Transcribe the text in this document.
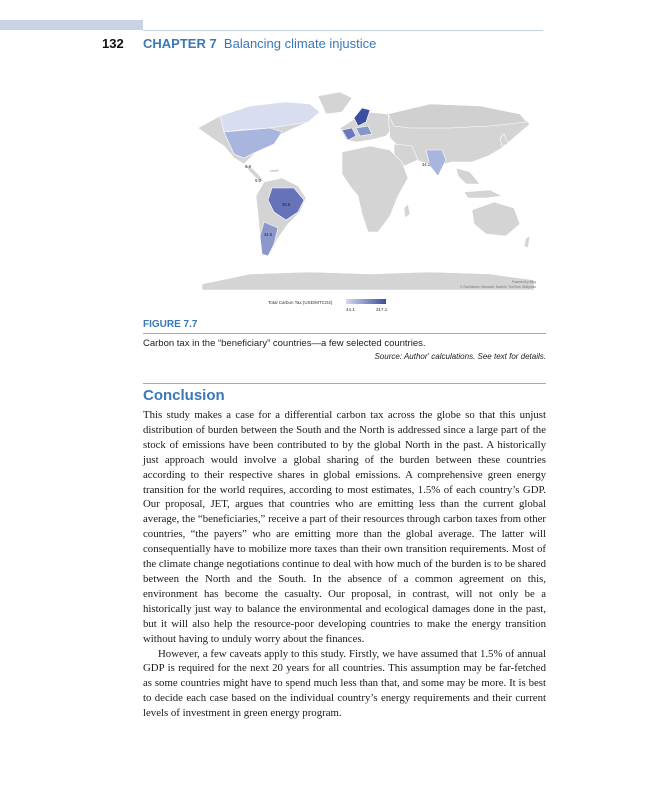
132 CHAPTER 7 Balancing climate injustice
8.9
5.0
48.6
44.5
44.1
Powered by Bing
© GeoNames, Microsoft, Navinfo, TomTom, Wikipedia
Total Carbon Tax (USD/MTCO2)
44.1	317.1
FIGURE 7.7
Carbon tax in the “beneficiary” countries—a few selected countries.
Source: Author' calculations. See text for details.
Conclusion

This study makes a case for a differential carbon tax across the globe so that this unjust distribution of burden between the South and the North is addressed since a large part of the stock of emissions have been contributed to by the global North in the past. A historically just approach would involve a global sharing of the burden between these countries according to their respective shares in global emissions. A comprehensive green energy transition for the world requires, according to most estimates, 1.5% of each country’s GDP. Our proposal, JET, argues that countries who are emitting less than the current global average, the “beneficiaries,” receive a part of their resources through carbon taxes from other countries, “the payers” who are emitting more than the global average. The latter will consequentially have to mobilize more taxes than their own transition requirements. Most of the climate change negotiations continue to deal with how much of the burden is to be shared between the North and the South. In the absence of a common agreement on this, environment has become the casualty. Our proposal, in contrast, will not only be a historically just way to balance the environmental and ecological damages done in the past, but it will also help the resource-poor developing countries to make the energy transition without having to unduly worry about the finances.

However, a few caveats apply to this study. Firstly, we have assumed that 1.5% of annual GDP is required for the next 20 years for all countries. This assumption may be far-fetched as some countries might have to spend much less than that, and some may be more. It is best to decide each case based on the individual country’s energy requirements and their current levels of investment in green energy program.
